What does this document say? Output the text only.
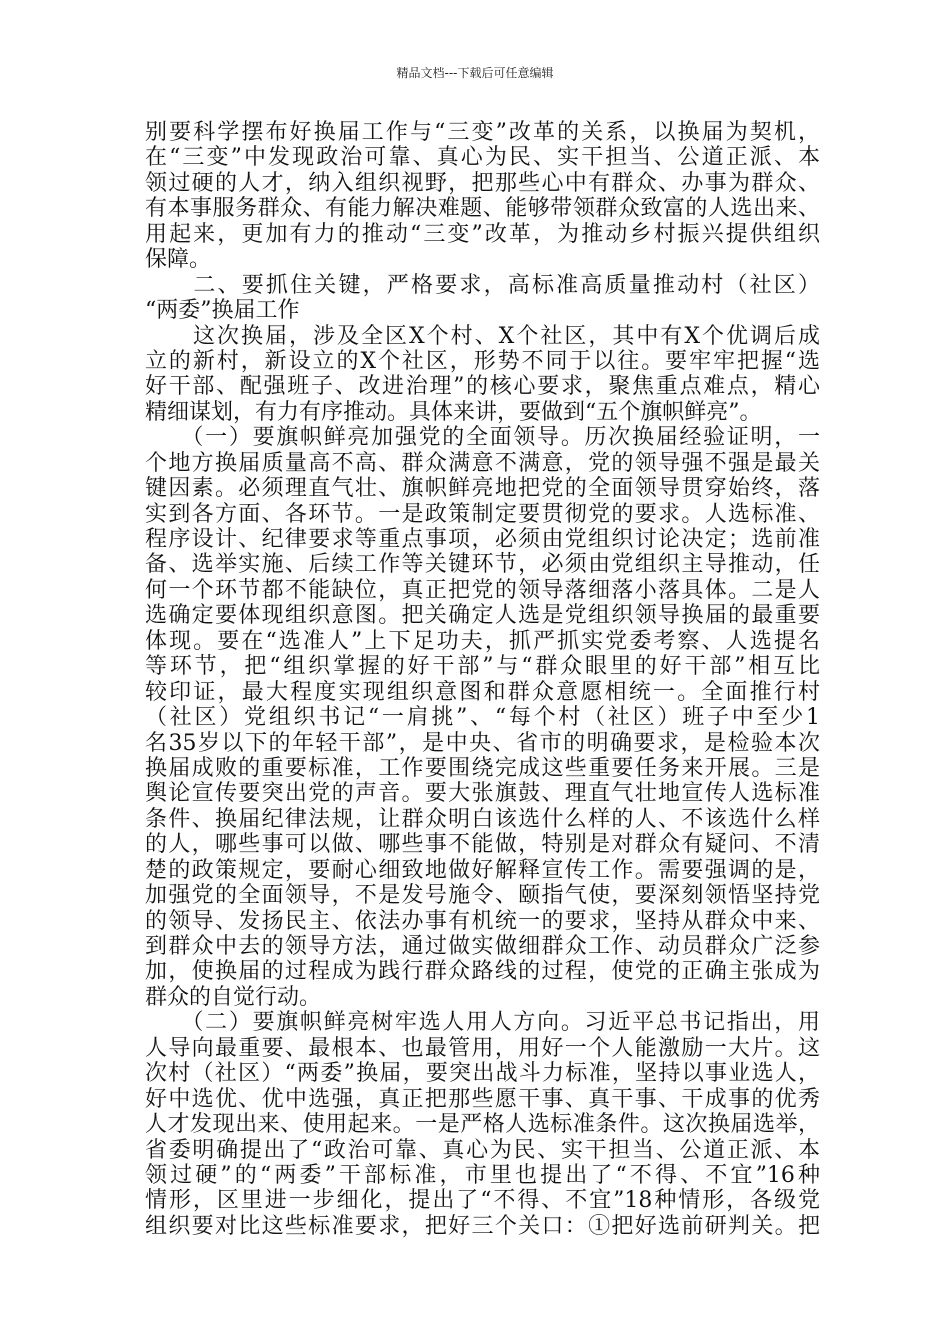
精品文档---下载后可任意编辑
别要科学摆布好换届工作与“三变”改革的关系，以换届为契机，
在“三变”中发现政治可靠、真心为民、实干担当、公道正派、本
领过硬的人才，纳入组织视野，把那些心中有群众、办事为群众、
有本事服务群众、有能力解决难题、能够带领群众致富的人选出来、
用起来，更加有力的推动“三变”改革，为推动乡村振兴提供组织
保障。
　　二、要抓住关键，严格要求，高标准高质量推动村（社区）
“两委”换届工作
　　这次换届，涉及全区X个村、X个社区，其中有X个优调后成
立的新村，新设立的X个社区，形势不同于以往。要牢牢把握“选
好干部、配强班子、改进治理”的核心要求，聚焦重点难点，精心
精细谋划，有力有序推动。具体来讲，要做到“五个旗帜鲜亮”。
　　（一）要旗帜鲜亮加强党的全面领导。历次换届经验证明，一
个地方换届质量高不高、群众满意不满意，党的领导强不强是最关
键因素。必须理直气壮、旗帜鲜亮地把党的全面领导贯穿始终，落
实到各方面、各环节。一是政策制定要贯彻党的要求。人选标准、
程序设计、纪律要求等重点事项，必须由党组织讨论决定；选前准
备、选举实施、后续工作等关键环节，必须由党组织主导推动，任
何一个环节都不能缺位，真正把党的领导落细落小落具体。二是人
选确定要体现组织意图。把关确定人选是党组织领导换届的最重要
体现。要在“选准人”上下足功夫，抓严抓实党委考察、人选提名
等环节，把“组织掌握的好干部”与“群众眼里的好干部”相互比
较印证，最大程度实现组织意图和群众意愿相统一。全面推行村
（社区）党组织书记“一肩挑”、“每个村（社区）班子中至少1
名35岁以下的年轻干部”，是中央、省市的明确要求，是检验本次
换届成败的重要标准，工作要围绕完成这些重要任务来开展。三是
舆论宣传要突出党的声音。要大张旗鼓、理直气壮地宣传人选标准
条件、换届纪律法规，让群众明白该选什么样的人、不该选什么样
的人，哪些事可以做、哪些事不能做，特别是对群众有疑问、不清
楚的政策规定，要耐心细致地做好解释宣传工作。需要强调的是，
加强党的全面领导，不是发号施令、颐指气使，要深刻领悟坚持党
的领导、发扬民主、依法办事有机统一的要求，坚持从群众中来、
到群众中去的领导方法，通过做实做细群众工作、动员群众广泛参
加，使换届的过程成为践行群众路线的过程，使党的正确主张成为
群众的自觉行动。
　　（二）要旗帜鲜亮树牢选人用人方向。习近平总书记指出，用
人导向最重要、最根本、也最管用，用好一个人能激励一大片。这
次村（社区）“两委”换届，要突出战斗力标准，坚持以事业选人，
好中选优、优中选强，真正把那些愿干事、真干事、干成事的优秀
人才发现出来、使用起来。一是严格人选标准条件。这次换届选举，
省委明确提出了“政治可靠、真心为民、实干担当、公道正派、本
领过硬”的“两委”干部标准，市里也提出了“不得、不宜”16种
情形，区里进一步细化，提出了“不得、不宜”18种情形，各级党
组织要对比这些标准要求，把好三个关口：①把好选前研判关。把
